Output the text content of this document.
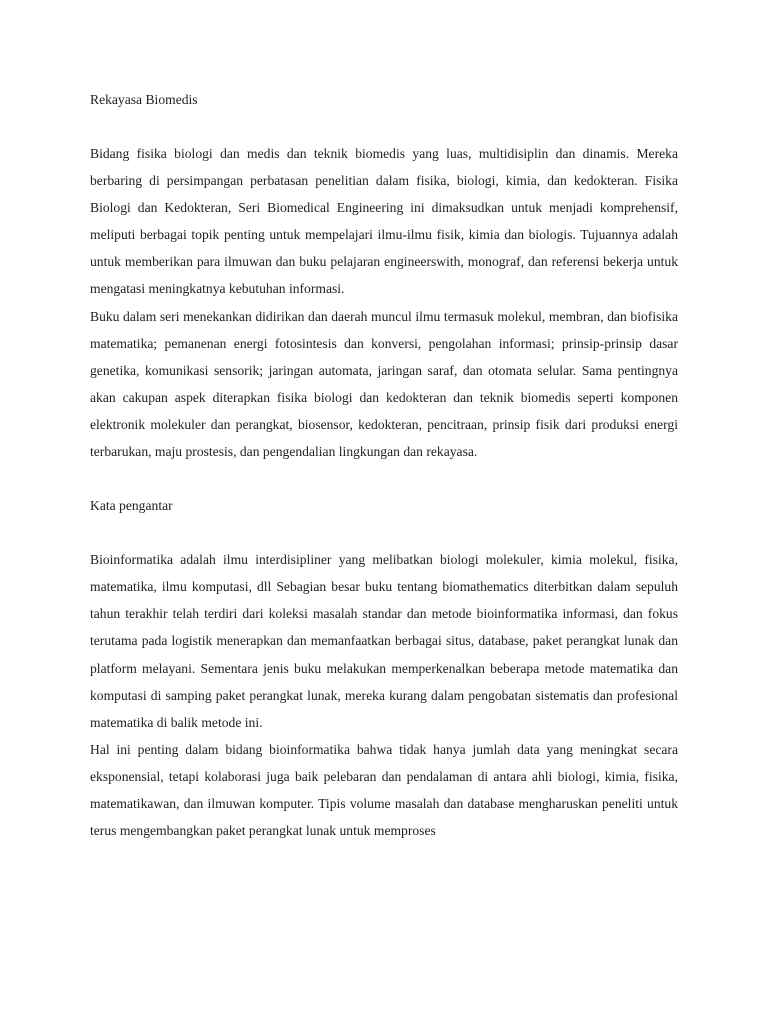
Rekayasa Biomedis

Bidang fisika biologi dan medis dan teknik biomedis yang luas, multidisiplin dan dinamis. Mereka berbaring di persimpangan perbatasan penelitian dalam fisika, biologi, kimia, dan kedokteran. Fisika Biologi dan Kedokteran, Seri Biomedical Engineering ini dimaksudkan untuk menjadi komprehensif, meliputi berbagai topik penting untuk mempelajari ilmu-ilmu fisik, kimia dan biologis. Tujuannya adalah untuk memberikan para ilmuwan dan buku pelajaran engineerswith, monograf, dan referensi bekerja untuk mengatasi meningkatnya kebutuhan informasi.

Buku dalam seri menekankan didirikan dan daerah muncul ilmu termasuk molekul, membran, dan biofisika matematika; pemanenan energi fotosintesis dan konversi, pengolahan informasi; prinsip-prinsip dasar genetika, komunikasi sensorik; jaringan automata, jaringan saraf, dan otomata selular. Sama pentingnya akan cakupan aspek diterapkan fisika biologi dan kedokteran dan teknik biomedis seperti komponen elektronik molekuler dan perangkat, biosensor, kedokteran, pencitraan, prinsip fisik dari produksi energi terbarukan, maju prostesis, dan pengendalian lingkungan dan rekayasa.

Kata pengantar

Bioinformatika adalah ilmu interdisipliner yang melibatkan biologi molekuler, kimia molekul, fisika, matematika, ilmu komputasi, dll Sebagian besar buku tentang biomathematics diterbitkan dalam sepuluh tahun terakhir telah terdiri dari koleksi masalah standar dan metode bioinformatika informasi, dan fokus terutama pada logistik menerapkan dan memanfaatkan berbagai situs, database, paket perangkat lunak dan platform melayani. Sementara jenis buku melakukan memperkenalkan beberapa metode matematika dan komputasi di samping paket perangkat lunak, mereka kurang dalam pengobatan sistematis dan profesional matematika di balik metode ini.

Hal ini penting dalam bidang bioinformatika bahwa tidak hanya jumlah data yang meningkat secara eksponensial, tetapi kolaborasi juga baik pelebaran dan pendalaman di antara ahli biologi, kimia, fisika, matematikawan, dan ilmuwan komputer. Tipis volume masalah dan database mengharuskan peneliti untuk terus mengembangkan paket perangkat lunak untuk memproses
